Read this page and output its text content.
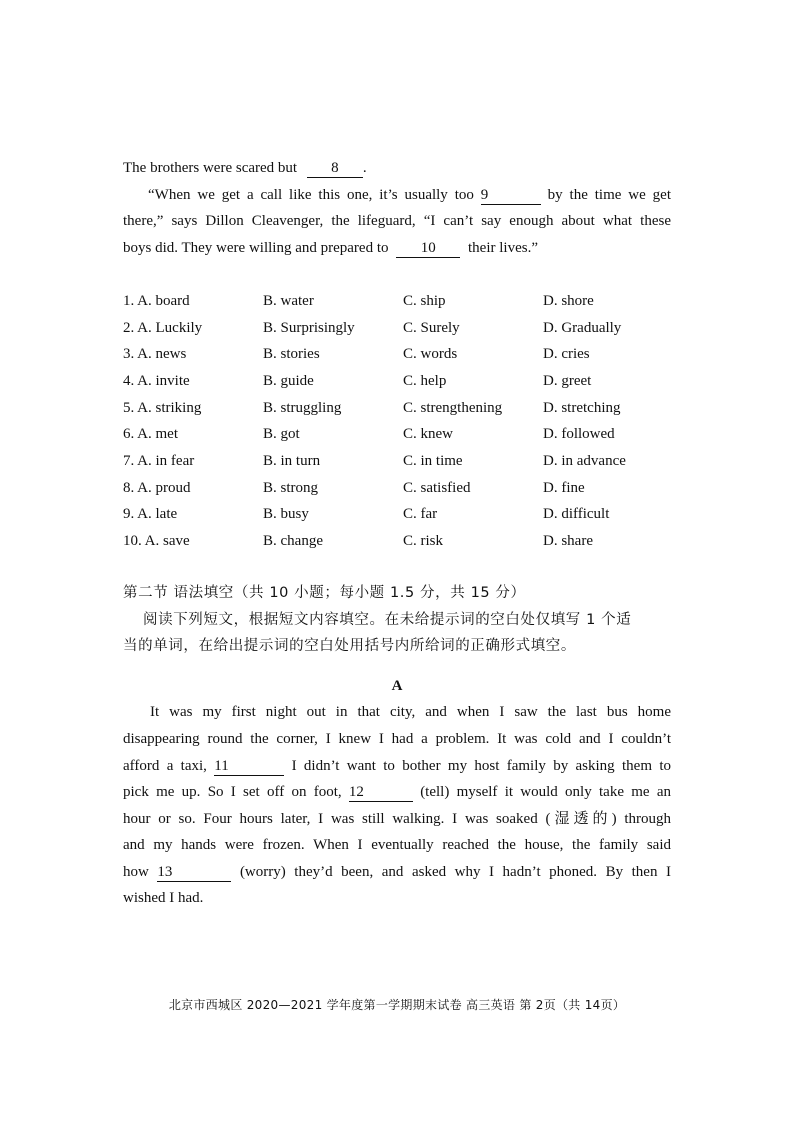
The brothers were scared but 8 .
“When we get a call like this one, it’s usually too 9	by the time we get
there,” says Dillon Cleavenger, the lifeguard, “I can’t say enough about what these
boys did. They were willing and prepared to 10 their lives.”
1. A. board	B. water	C. ship	D. shore
2. A. Luckily	B. Surprisingly	C. Surely	D. Gradually
3. A. news	B. stories	C. words	D. cries
4. A. invite	B. guide	C. help	D. greet
5. A. striking	B. struggling	C. strengthening	D. stretching
6. A. met	B. got	C. knew	D. followed
7. A. in fear	B. in turn	C. in time	D. in advance
8. A. proud	B. strong	C. satisfied	D. fine
9. A. late	B. busy	C. far	D. difficult
10. A. save	B. change	C. risk	D. share
第二节 语法填空（共 10 小题；每小题 1.5 分，共 15 分）
阅读下列短文，根据短文内容填空。在未给提示词的空白处仅填写 1 个适
当的单词，在给出提示词的空白处用括号内所给词的正确形式填空。
A
It was my first night out in that city, and when I saw the last bus home
disappearing round the corner, I knew I had a problem. It was cold and I couldn’t
afford a taxi, 11	I didn’t want to bother my host family by asking them to
pick me up. So I set off on foot, 12	(tell) myself it would only take me an
hour or so. Four hours later, I was still walking. I was soaked (湿透的) through
and my hands were frozen. When I eventually reached the house, the family said
how 13	(worry) they’d been, and asked why I hadn’t phoned. By then I
wished I had.
北京市西城区 2020—2021 学年度第一学期期末试卷 高三英语 第 2页（共 14页）
